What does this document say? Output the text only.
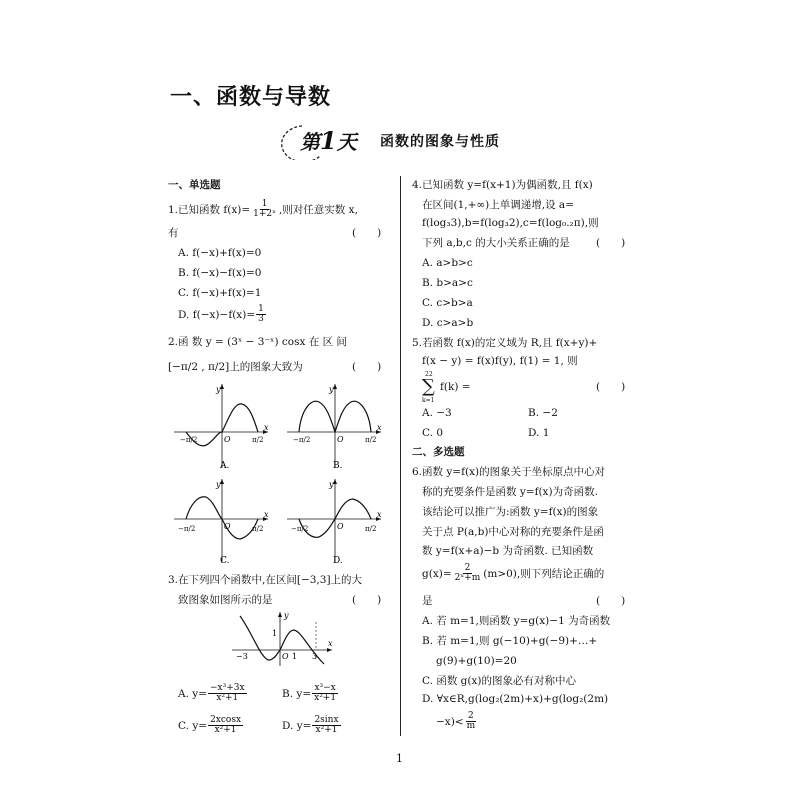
一、函数与导数
第1天 函数的图象与性质
一、单选题
1.已知函数 $f(x)= \frac{1}{\text{1+2ˣ}}$ ,则对任意实数 x,
有	(　　)
A. f(−x)+f(x)=0
B. f(−x)−f(x)=0
C. f(−x)+f(x)=1
D. $f(-x)-f(x)= \frac{1}{3}$
2.函 数 y = (3ˣ − 3⁻ˣ) cosx 在 区 间
[−π/2 , π/2]上的图象大致为	(　　)
x
y
O
−π/2	π/2
A.
x
y
O
−π/2	π/2
B.
x
y
O
−π/2	π/2
C.
x
y
O
−π/2	π/2
D.
3.在下列四个函数中,在区间[−3,3]上的大
致图象如图所示的是	(　　)
y
x
1
O
−3	1 3
A. $y= \frac{\text{−x³+3x}}{\text{x²+1}}$	B. $y= \frac{\text{x³−x}}{\text{x²+1}}$
C. $y= \frac{2xcosx}{\text{x²+1}}$	D. $y= \frac{2\sin x}{\text{x²+1}}$
4.已知函数 y=f(x+1)为偶函数,且 f(x)
在区间(1,+∞)上单调递增,设 a=
f(log₃3),b=f(log₃2),c=f(log₀.₂π),则
下列 a,b,c 的大小关系正确的是	(　　)
A. a>b>c
B. b>a>c
C. c>b>a
D. c>a>b
5.若函数 f(x)的定义域为 R,且 f(x+y)+
f(x − y) = f(x)f(y), f(1) = 1, 则
22
∑
k=1
f(k) =	(　　)
A. −3	B. −2
C. 0	D. 1
二、多选题
6.函数 y=f(x)的图象关于坐标原点中心对
称的充要条件是函数 y=f(x)为奇函数.
该结论可以推广为:函数 y=f(x)的图象
关于点 P(a,b)中心对称的充要条件是函
数 y=f(x+a)−b 为奇函数. 已知函数
$g(x)= \frac{2}{\text{2ˣ+m}} (m>0)$,则下列结论正确的
是	(　　)
A. 若 m=1,则函数 y=g(x)−1 为奇函数
B. 若 m=1,则 g(−10)+g(−9)+…+
g(9)+g(10)=20
C. 函数 g(x)的图象必有对称中心
D. ∀x∈R,g(log₂(2m)+x)+g(log₂(2m)
$-x)< \frac{2}{m}$
1
